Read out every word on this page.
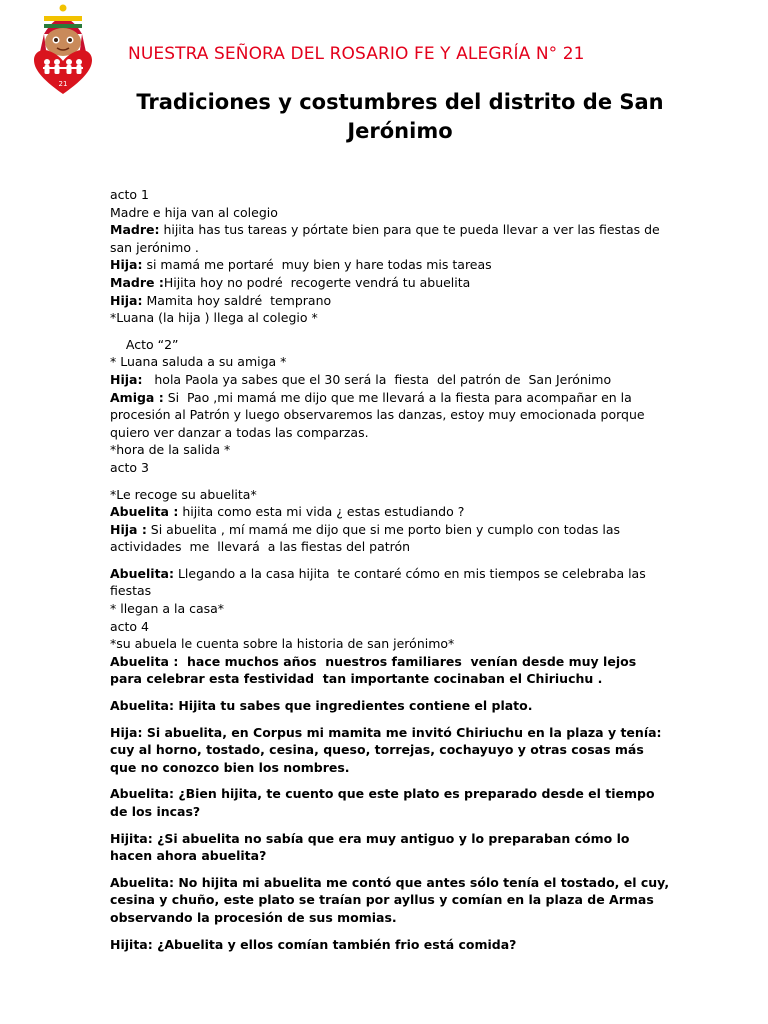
21
NUESTRA SEÑORA DEL ROSARIO FE Y ALEGRÍA N° 21
Tradiciones y costumbres del distrito de San
Jerónimo
acto 1
Madre e hija van al colegio
Madre: hijita has tus tareas y pórtate bien para que te pueda llevar a ver las fiestas de san jerónimo .
Hija: si mamá me portaré  muy bien y hare todas mis tareas
Madre :Hijita hoy no podré  recogerte vendrá tu abuelita
Hija: Mamita hoy saldré  temprano
*Luana (la hija ) llega al colegio *
Acto “2”
* Luana saluda a su amiga *
Hija:   hola Paola ya sabes que el 30 será la  fiesta  del patrón de  San Jerónimo
Amiga : Si  Pao ,mi mamá me dijo que me llevará a la fiesta para acompañar en la procesión al Patrón y luego observaremos las danzas, estoy muy emocionada porque quiero ver danzar a todas las comparzas.
*hora de la salida *
acto 3
*Le recoge su abuelita*
Abuelita : hijita como esta mi vida ¿ estas estudiando ?
Hija : Si abuelita , mí mamá me dijo que si me porto bien y cumplo con todas las actividades  me  llevará  a las fiestas del patrón
Abuelita: Llegando a la casa hijita  te contaré cómo en mis tiempos se celebraba las fiestas
* llegan a la casa*
acto 4
*su abuela le cuenta sobre la historia de san jerónimo*
Abuelita :  hace muchos años  nuestros familiares  venían desde muy lejos para celebrar esta festividad  tan importante cocinaban el Chiriuchu .
Abuelita: Hijita tu sabes que ingredientes contiene el plato.
Hija: Si abuelita, en Corpus mi mamita me invitó Chiriuchu en la plaza y tenía: cuy al horno, tostado, cesina, queso, torrejas, cochayuyo y otras cosas más que no conozco bien los nombres.
Abuelita: ¿Bien hijita, te cuento que este plato es preparado desde el tiempo de los incas?
Hijita: ¿Si abuelita no sabía que era muy antiguo y lo preparaban cómo lo hacen ahora abuelita?
Abuelita: No hijita mi abuelita me contó que antes sólo tenía el tostado, el cuy, cesina y chuño, este plato se traían por ayllus y comían en la plaza de Armas observando la procesión de sus momias.
Hijita: ¿Abuelita y ellos comían también frio está comida?
